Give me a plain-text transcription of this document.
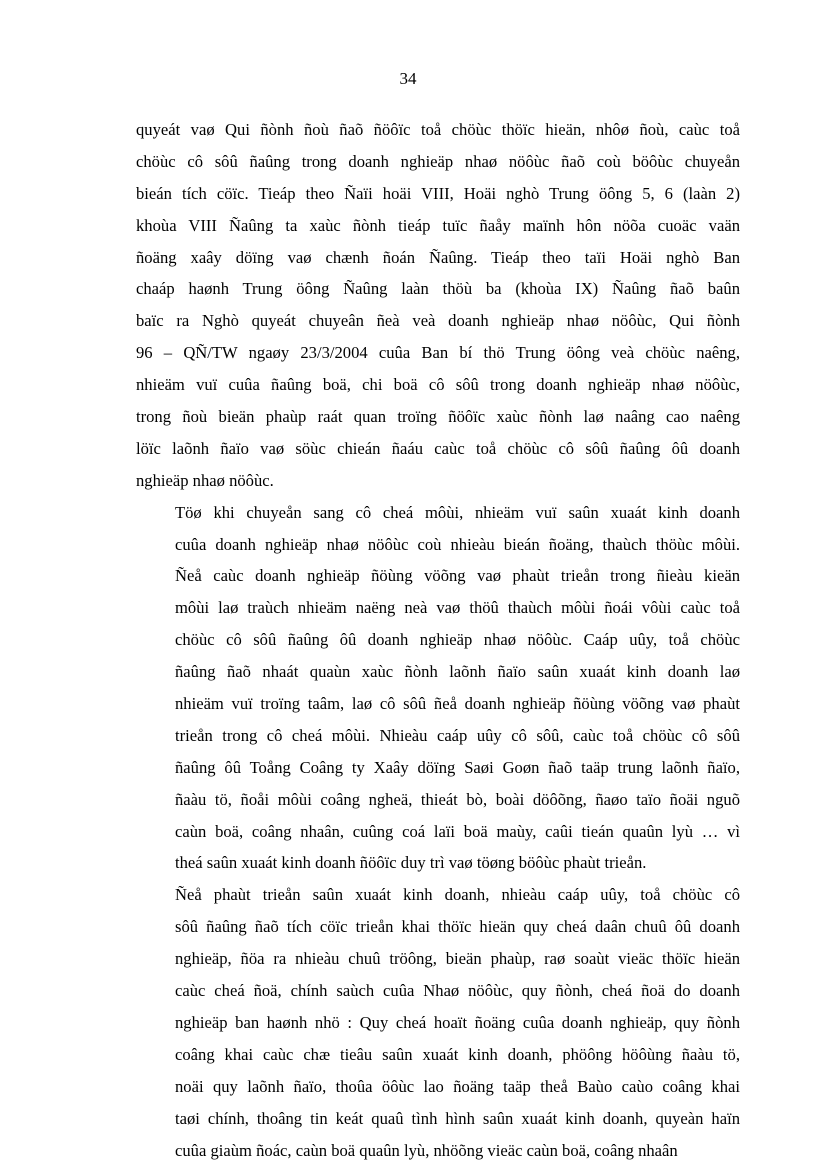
34
quyeát vaø Qui ñònh ñoù ñaõ ñöôïc toå chöùc thöïc hieän, nhôø ñoù, caùc toå
chöùc cô sôû ñaûng trong doanh nghieäp nhaø nöôùc ñaõ coù böôùc chuyeån
bieán tích cöïc. Tieáp theo Ñaïi hoäi VIII, Hoäi nghò Trung öông 5, 6 (laàn 2)
khoùa VIII Ñaûng ta xaùc ñònh tieáp tuïc ñaåy maïnh hôn nöõa cuoäc vaän
ñoäng xaây döïng vaø chænh ñoán Ñaûng. Tieáp theo taïi Hoäi nghò Ban
chaáp haønh Trung öông Ñaûng laàn thöù ba (khoùa IX) Ñaûng ñaõ baûn
baïc ra Nghò quyeát chuyeân ñeà veà doanh nghieäp nhaø nöôùc, Qui ñònh
96 – QÑ/TW ngaøy 23/3/2004 cuûa Ban bí thö Trung öông veà chöùc naêng,
nhieäm vuï cuûa ñaûng boä, chi boä cô sôû trong doanh nghieäp nhaø nöôùc,
trong ñoù bieän phaùp raát quan troïng ñöôïc xaùc ñònh laø naâng cao naêng
löïc laõnh ñaïo vaø söùc chieán ñaáu caùc toå chöùc cô sôû ñaûng ôû doanh
nghieäp nhaø nöôùc.
Töø khi chuyeån sang cô cheá môùi, nhieäm vuï saûn xuaát kinh doanh
cuûa doanh nghieäp nhaø nöôùc coù nhieàu bieán ñoäng, thaùch thöùc môùi.
Ñeå caùc doanh nghieäp ñöùng vöõng vaø phaùt trieån trong ñieàu kieän
môùi laø traùch nhieäm naëng neà vaø thöû thaùch môùi ñoái vôùi caùc toå
chöùc cô sôû ñaûng ôû doanh nghieäp nhaø nöôùc. Caáp uûy, toå chöùc
ñaûng ñaõ nhaát quaùn xaùc ñònh laõnh ñaïo saûn xuaát kinh doanh laø
nhieäm vuï troïng taâm, laø cô sôû ñeå doanh nghieäp ñöùng vöõng vaø phaùt
trieån trong cô cheá môùi. Nhieàu caáp uûy cô sôû, caùc toå chöùc cô sôû
ñaûng ôû Toång Coâng ty Xaây döïng Saøi Goøn ñaõ taäp trung laõnh ñaïo,
ñaàu tö, ñoåi môùi coâng ngheä, thieát bò, boài döôõng, ñaøo taïo ñoäi nguõ
caùn boä, coâng nhaân, cuûng coá laïi boä maùy, caûi tieán quaûn lyù … vì
theá saûn xuaát kinh doanh ñöôïc duy trì vaø töøng böôùc phaùt trieån.
Ñeå phaùt trieån saûn xuaát kinh doanh, nhieàu caáp uûy, toå chöùc cô
sôû ñaûng ñaõ tích cöïc trieån khai thöïc hieän quy cheá daân chuû ôû doanh
nghieäp, ñöa ra nhieàu chuû tröông, bieän phaùp, raø soaùt vieäc thöïc hieän
caùc cheá ñoä, chính saùch cuûa Nhaø nöôùc, quy ñònh, cheá ñoä do doanh
nghieäp ban haønh nhö : Quy cheá hoaït ñoäng cuûa doanh nghieäp, quy ñònh
coâng khai caùc chæ tieâu saûn xuaát kinh doanh, phöông höôùng ñaàu tö,
noäi quy laõnh ñaïo, thoûa öôùc lao ñoäng taäp theå Baùo caùo coâng khai
taøi chính, thoâng tin keát quaû tình hình saûn xuaát kinh doanh, quyeàn haïn
cuûa giaùm ñoác, caùn boä quaûn lyù, nhöõng vieäc caùn boä, coâng nhaân
